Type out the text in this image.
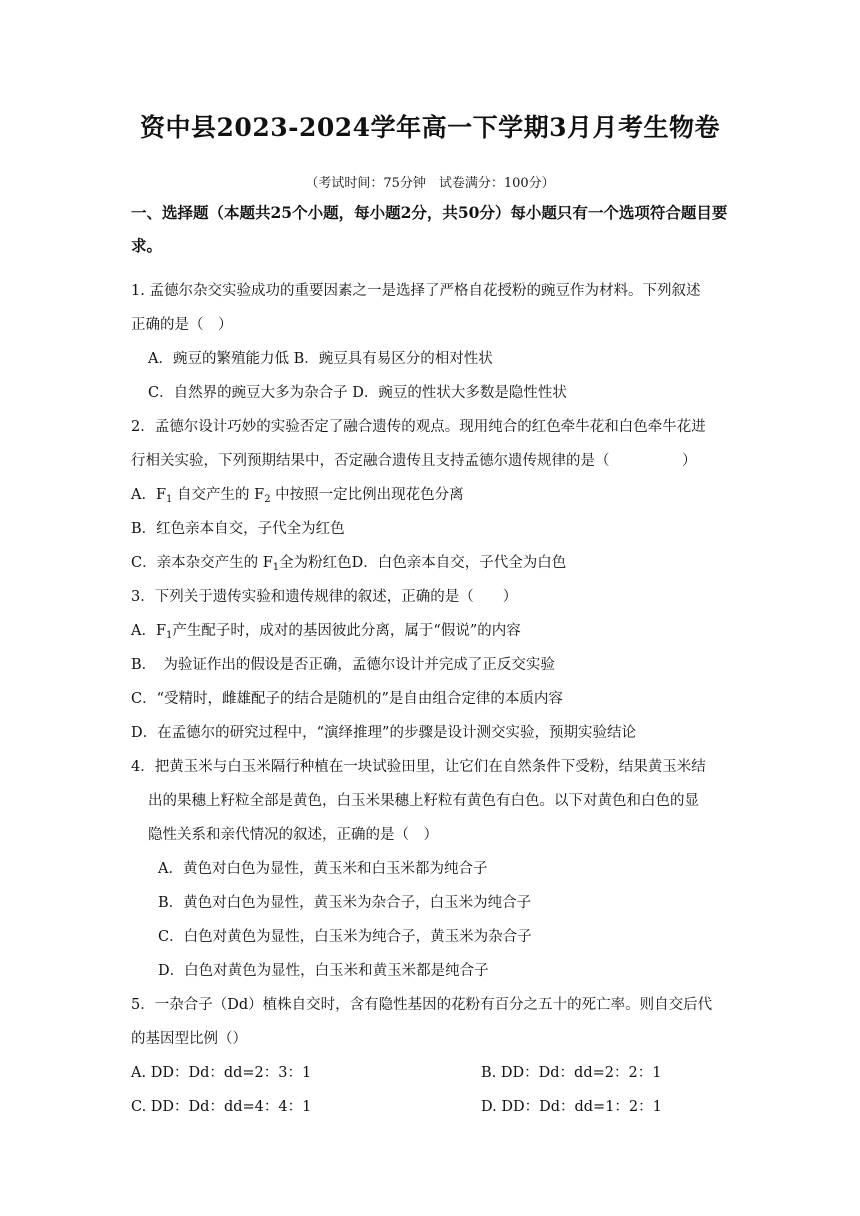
资中县2023-2024学年高一下学期3月月考生物卷
（考试时间：75分钟　试卷满分：100分）
一、选择题（本题共25个小题，每小题2分，共50分）每小题只有一个选项符合题目要求。
1. 孟德尔杂交实验成功的重要因素之一是选择了严格自花授粉的豌豆作为材料。下列叙述
正确的是（　）
A．豌豆的繁殖能力低 B．豌豆具有易区分的相对性状
C．自然界的豌豆大多为杂合子 D．豌豆的性状大多数是隐性性状
2．孟德尔设计巧妙的实验否定了融合遗传的观点。现用纯合的红色牵牛花和白色牵牛花进
行相关实验，下列预期结果中，否定融合遗传且支持孟德尔遗传规律的是（　　　　　）
A．$F_1$ 自交产生的 $F_2$ 中按照一定比例出现花色分离
B．红色亲本自交，子代全为红色
C．亲本杂交产生的 $F_1$全为粉红色D．白色亲本自交，子代全为白色
3．下列关于遗传实验和遗传规律的叙述，正确的是（　　）
A．$F_1$产生配子时，成对的基因彼此分离，属于“假说”的内容
B．　为验证作出的假设是否正确，孟德尔设计并完成了正反交实验
C．“受精时，雌雄配子的结合是随机的”是自由组合定律的本质内容
D．在孟德尔的研究过程中，“演绎推理”的步骤是设计测交实验，预期实验结论
4．把黄玉米与白玉米隔行种植在一块试验田里，让它们在自然条件下受粉，结果黄玉米结
出的果穗上籽粒全部是黄色，白玉米果穗上籽粒有黄色有白色。以下对黄色和白色的显
隐性关系和亲代情况的叙述，正确的是（　）
A．黄色对白色为显性，黄玉米和白玉米都为纯合子
B．黄色对白色为显性，黄玉米为杂合子，白玉米为纯合子
C．白色对黄色为显性，白玉米为纯合子，黄玉米为杂合子
D．白色对黄色为显性，白玉米和黄玉米都是纯合子
5．一杂合子（Dd）植株自交时，含有隐性基因的花粉有百分之五十的死亡率。则自交后代
的基因型比例（）
A. DD：Dd：dd=2：3：1	B. DD：Dd：dd=2：2：1
C. DD：Dd：dd=4：4：1	D. DD：Dd：dd=1：2：1
